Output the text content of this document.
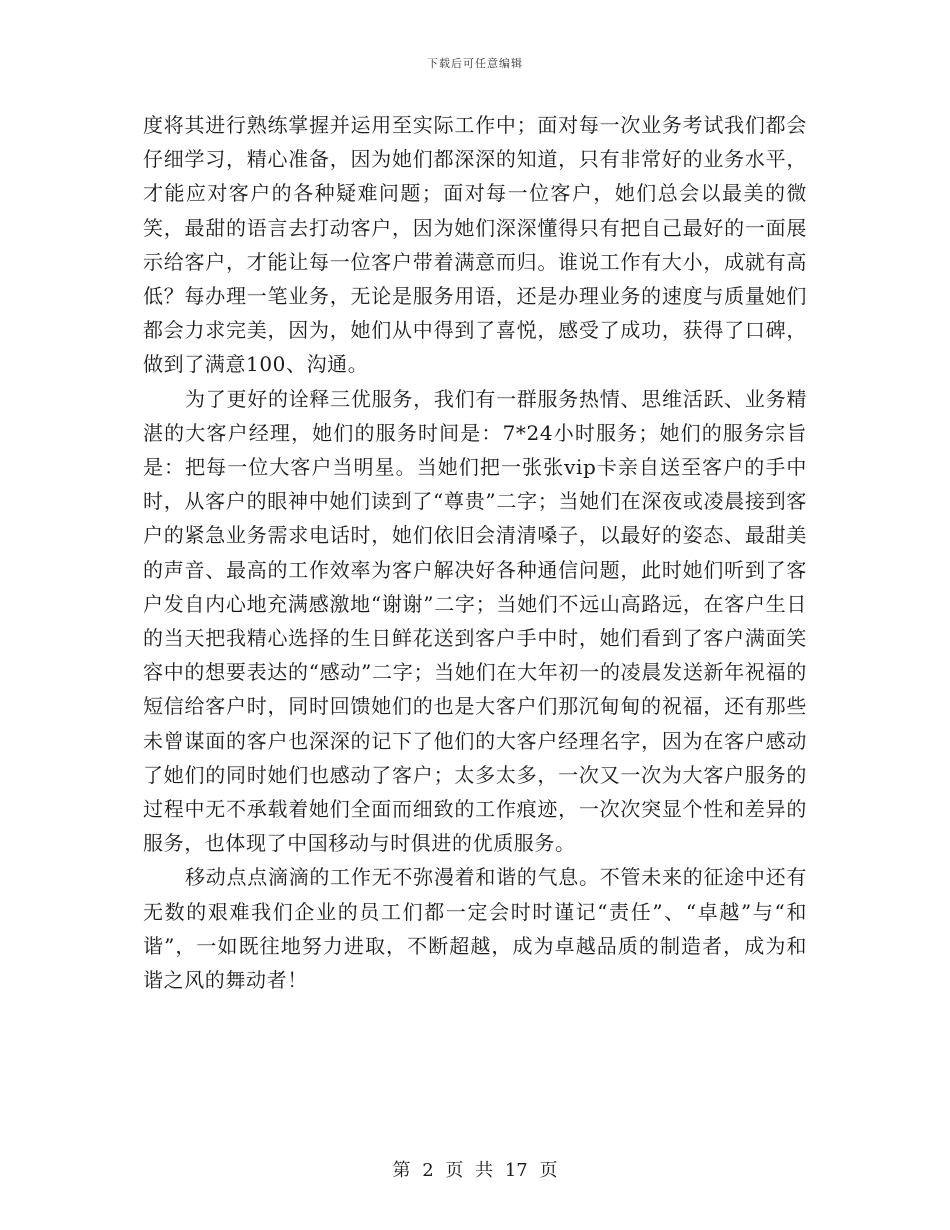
下载后可任意编辑

度将其进行熟练掌握并运用至实际工作中；面对每一次业务考试我们都会仔细学习，精心准备，因为她们都深深的知道，只有非常好的业务水平，才能应对客户的各种疑难问题；面对每一位客户，她们总会以最美的微笑，最甜的语言去打动客户，因为她们深深懂得只有把自己最好的一面展示给客户，才能让每一位客户带着满意而归。谁说工作有大小，成就有高低？每办理一笔业务，无论是服务用语，还是办理业务的速度与质量她们都会力求完美，因为，她们从中得到了喜悦，感受了成功，获得了口碑，做到了满意100、沟通。

为了更好的诠释三优服务，我们有一群服务热情、思维活跃、业务精湛的大客户经理，她们的服务时间是：7*24小时服务；她们的服务宗旨是：把每一位大客户当明星。当她们把一张张vip卡亲自送至客户的手中时，从客户的眼神中她们读到了“尊贵”二字；当她们在深夜或凌晨接到客户的紧急业务需求电话时，她们依旧会清清嗓子，以最好的姿态、最甜美的声音、最高的工作效率为客户解决好各种通信问题，此时她们听到了客户发自内心地充满感激地“谢谢”二字；当她们不远山高路远，在客户生日的当天把我精心选择的生日鲜花送到客户手中时，她们看到了客户满面笑容中的想要表达的“感动”二字；当她们在大年初一的凌晨发送新年祝福的短信给客户时，同时回馈她们的也是大客户们那沉甸甸的祝福，还有那些未曾谋面的客户也深深的记下了他们的大客户经理名字，因为在客户感动了她们的同时她们也感动了客户；太多太多，一次又一次为大客户服务的过程中无不承载着她们全面而细致的工作痕迹，一次次突显个性和差异的服务，也体现了中国移动与时俱进的优质服务。

移动点点滴滴的工作无不弥漫着和谐的气息。不管未来的征途中还有无数的艰难我们企业的员工们都一定会时时谨记“责任”、“卓越”与“和谐”，一如既往地努力进取，不断超越，成为卓越品质的制造者，成为和谐之风的舞动者！

第 2 页 共 17 页
